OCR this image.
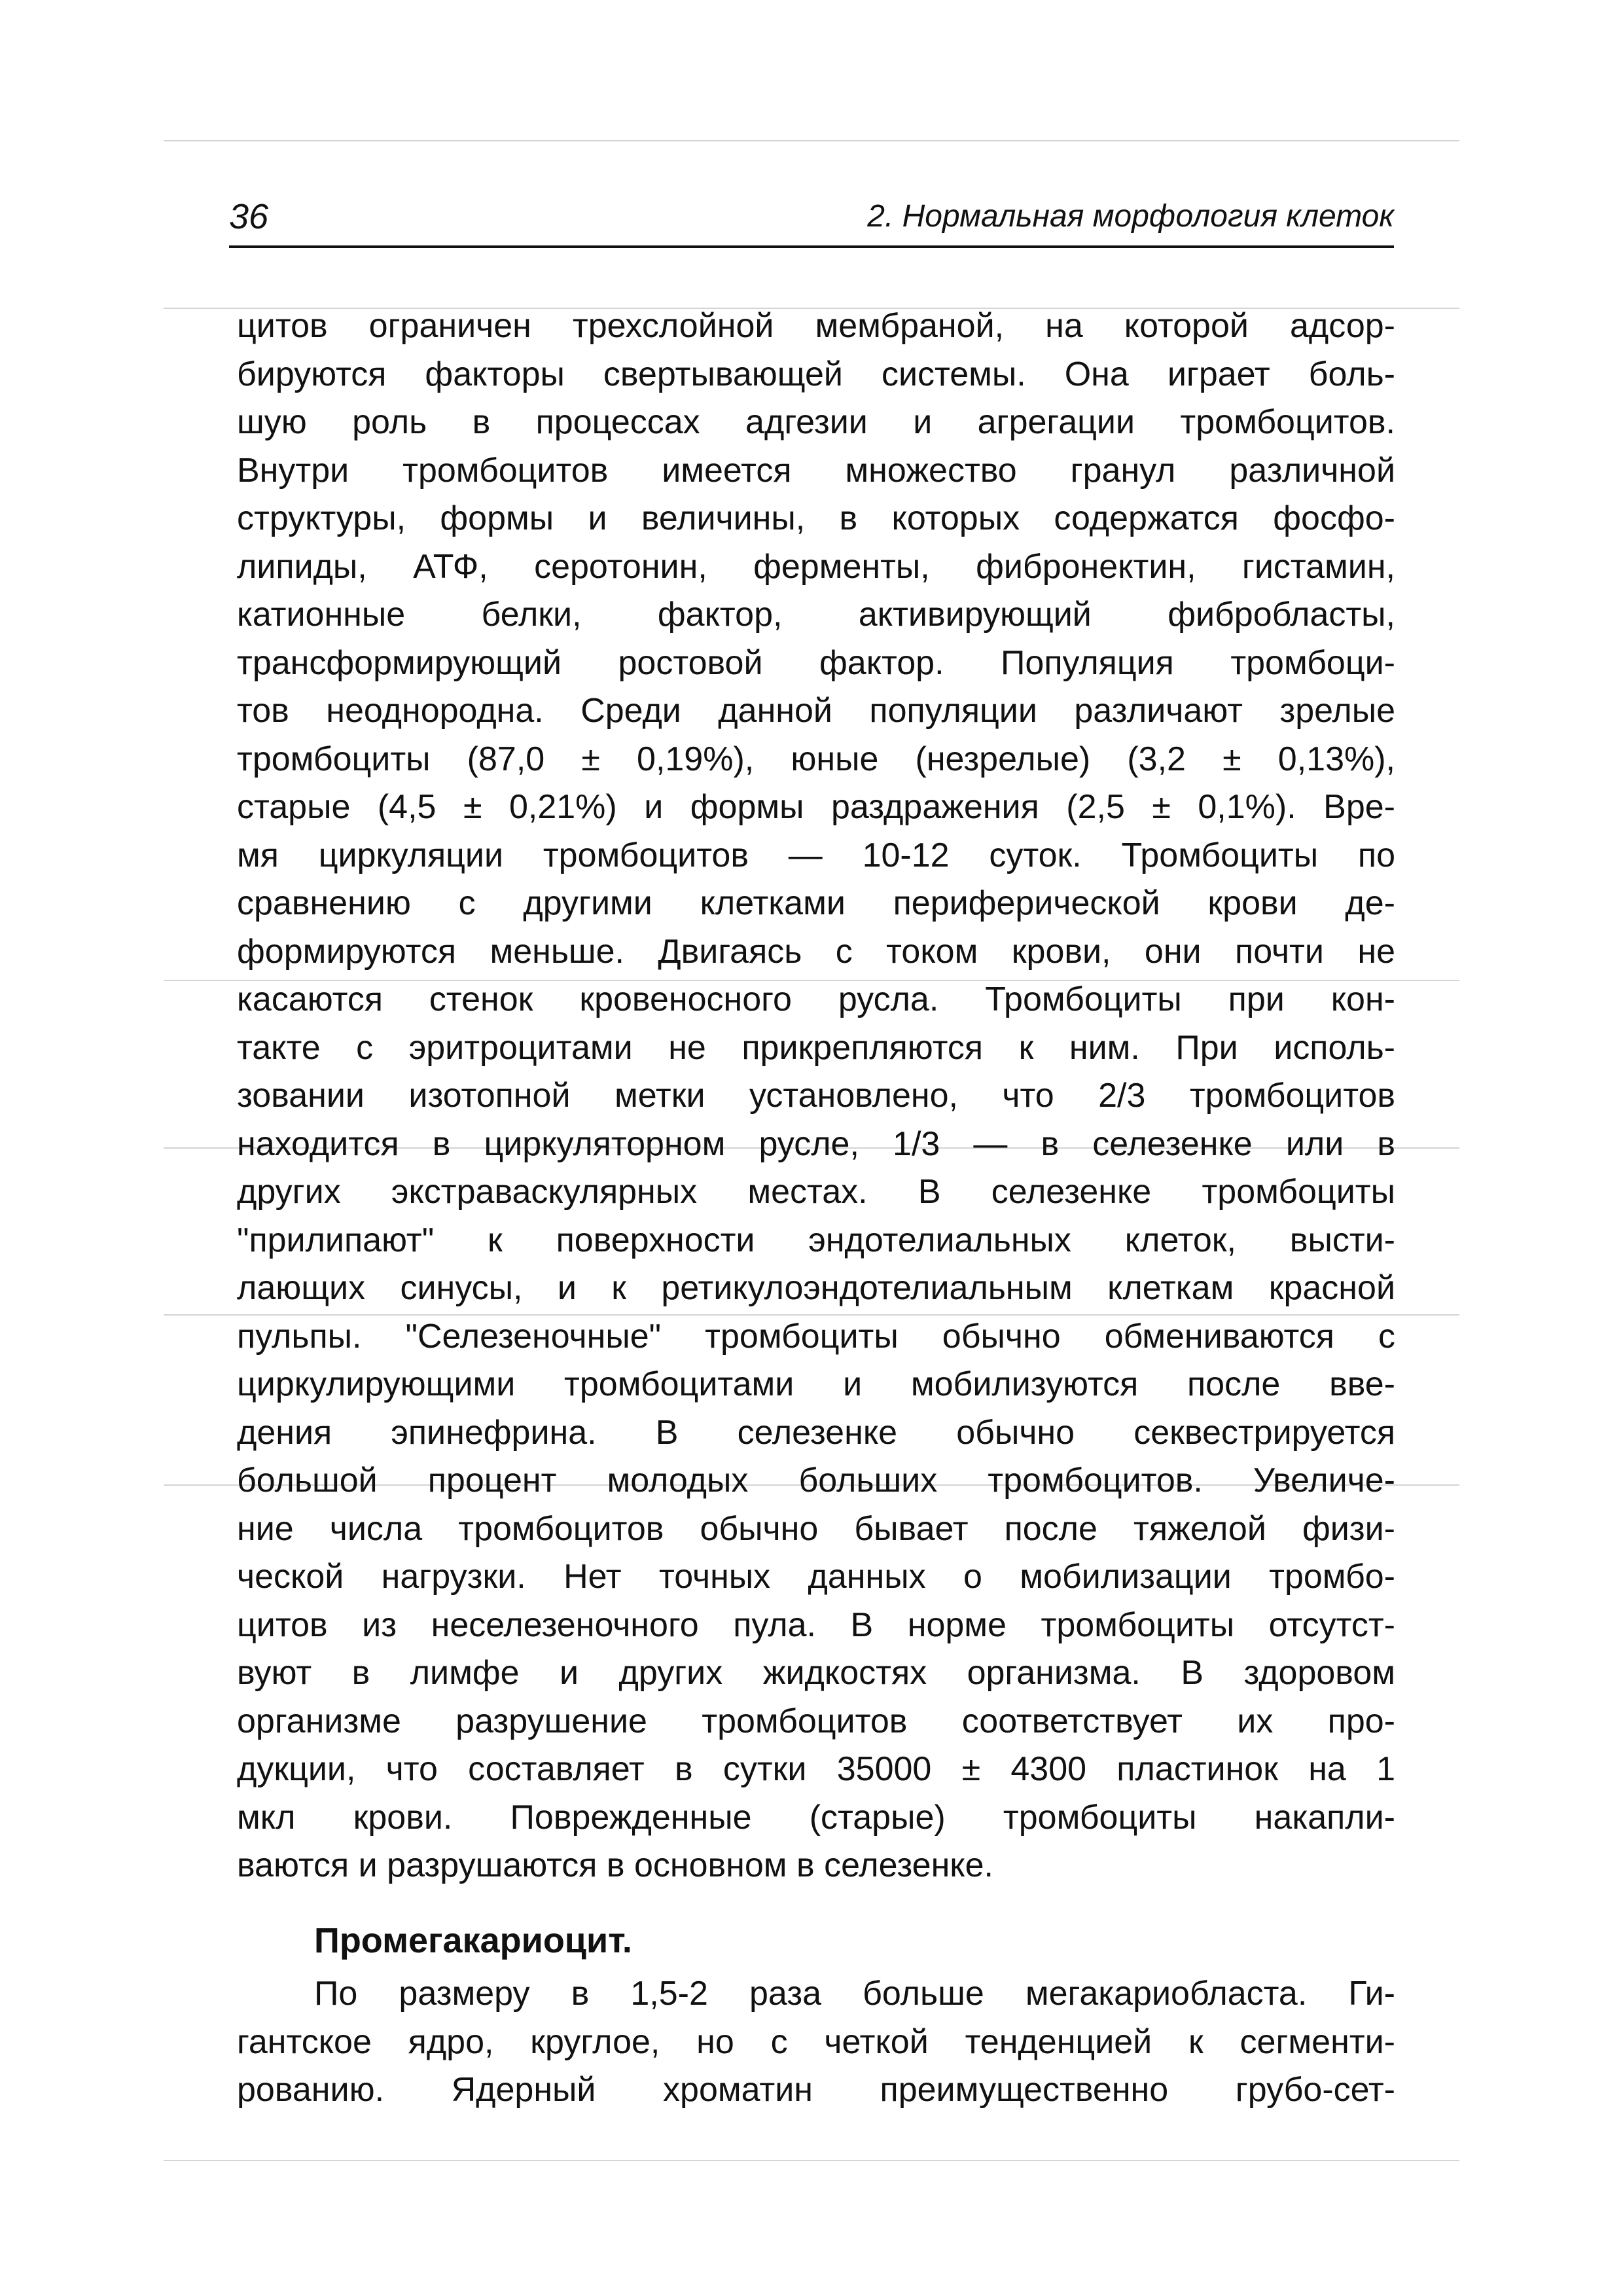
36	2. Нормальная морфология клеток
цитов ограничен трехслойной мембраной, на которой адсор-
бируются факторы свертывающей системы. Она играет боль-
шую роль в процессах адгезии и агрегации тромбоцитов.
Внутри тромбоцитов имеется множество гранул различной
структуры, формы и величины, в которых содержатся фосфо-
липиды, АТФ, серотонин, ферменты, фибронектин, гистамин,
катионные белки, фактор, активирующий фибробласты,
трансформирующий ростовой фактор. Популяция тромбоци-
тов неоднородна. Среди данной популяции различают зрелые
тромбоциты (87,0 ± 0,19%), юные (незрелые) (3,2 ± 0,13%),
старые (4,5 ± 0,21%) и формы раздражения (2,5 ± 0,1%). Вре-
мя циркуляции тромбоцитов — 10-12 суток. Тромбоциты по
сравнению с другими клетками периферической крови де-
формируются меньше. Двигаясь с током крови, они почти не
касаются стенок кровеносного русла. Тромбоциты при кон-
такте с эритроцитами не прикрепляются к ним. При исполь-
зовании изотопной метки установлено, что 2/3 тромбоцитов
находится в циркуляторном русле, 1/3 — в селезенке или в
других экстраваскулярных местах. В селезенке тромбоциты
"прилипают" к поверхности эндотелиальных клеток, высти-
лающих синусы, и к ретикулоэндотелиальным клеткам красной
пульпы. "Селезеночные" тромбоциты обычно обмениваются с
циркулирующими тромбоцитами и мобилизуются после вве-
дения эпинефрина. В селезенке обычно секвестрируется
большой процент молодых больших тромбоцитов. Увеличе-
ние числа тромбоцитов обычно бывает после тяжелой физи-
ческой нагрузки. Нет точных данных о мобилизации тромбо-
цитов из неселезеночного пула. В норме тромбоциты отсутст-
вуют в лимфе и других жидкостях организма. В здоровом
организме разрушение тромбоцитов соответствует их про-
дукции, что составляет в сутки 35000 ± 4300 пластинок на 1
мкл крови. Поврежденные (старые) тромбоциты накапли-
ваются и разрушаются в основном в селезенке.
Промегакариоцит.
По размеру в 1,5-2 раза больше мегакариобласта. Ги-
гантское ядро, круглое, но с четкой тенденцией к сегменти-
рованию. Ядерный хроматин преимущественно грубо-сет-
